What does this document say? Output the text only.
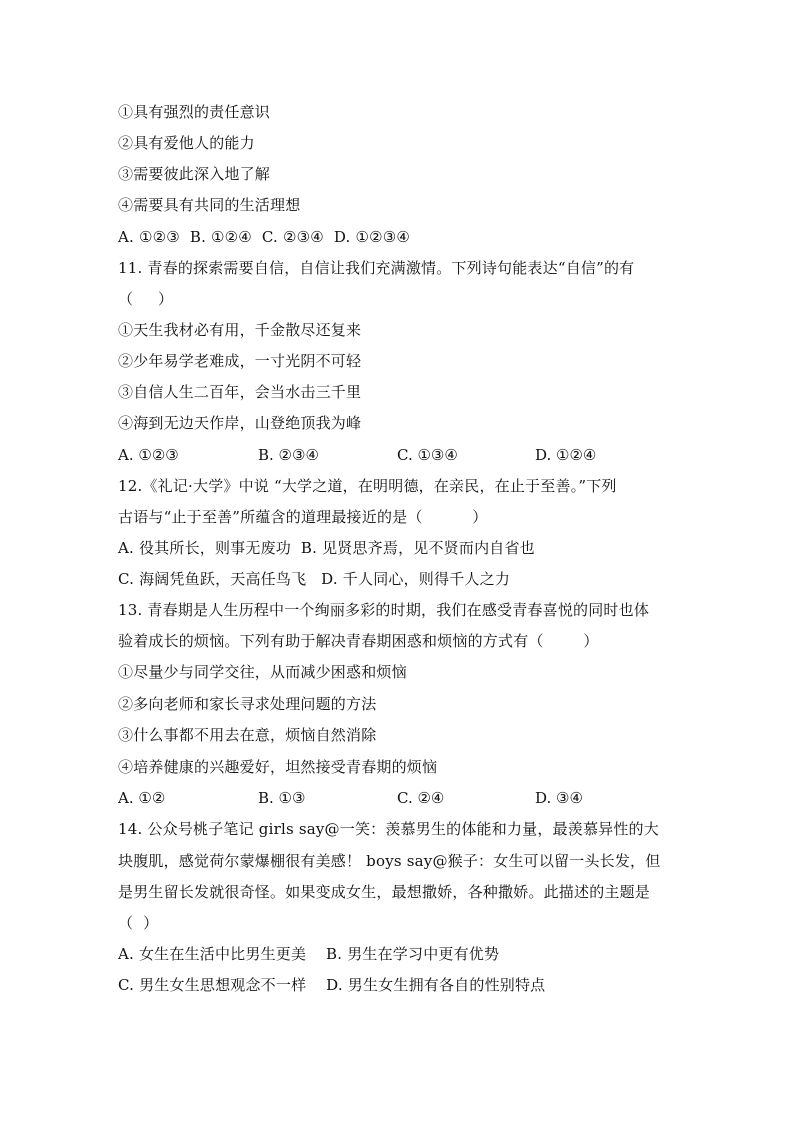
①具有强烈的责任意识
②具有爱他人的能力
③需要彼此深入地了解
④需要具有共同的生活理想
A. ①②③  B. ①②④  C. ②③④  D. ①②③④
11. 青春的探索需要自信，自信让我们充满激情。下列诗句能表达“自信”的有
（     ）
①天生我材必有用，千金散尽还复来
②少年易学老难成，一寸光阴不可轻
③自信人生二百年，会当水击三千里
④海到无边天作岸，山登绝顶我为峰
A. ①②③	B. ②③④	C. ①③④	D. ①②④
12.《礼记·大学》中说 “大学之道，在明明德，在亲民，在止于至善。”下列
古语与“止于至善”所蕴含的道理最接近的是（          ）
A. 役其所长，则事无废功  B. 见贤思齐焉，见不贤而内自省也
C. 海阔凭鱼跃，天高任鸟飞   D. 千人同心，则得千人之力
13. 青春期是人生历程中一个绚丽多彩的时期，我们在感受青春喜悦的同时也体
验着成长的烦恼。下列有助于解决青春期困惑和烦恼的方式有（        ）
①尽量少与同学交往，从而减少困惑和烦恼
②多向老师和家长寻求处理问题的方法
③什么事都不用去在意，烦恼自然消除
④培养健康的兴趣爱好，坦然接受青春期的烦恼
A. ①②	B. ①③	C. ②④	D. ③④
14. 公众号桃子笔记 girls say@一笑：羡慕男生的体能和力量，最羡慕异性的大
块腹肌，感觉荷尔蒙爆棚很有美感！ boys say@猴子：女生可以留一头长发，但
是男生留长发就很奇怪。如果变成女生，最想撒娇，各种撒娇。此描述的主题是
（  ）
A. 女生在生活中比男生更美    B. 男生在学习中更有优势
C. 男生女生思想观念不一样    D. 男生女生拥有各自的性别特点
